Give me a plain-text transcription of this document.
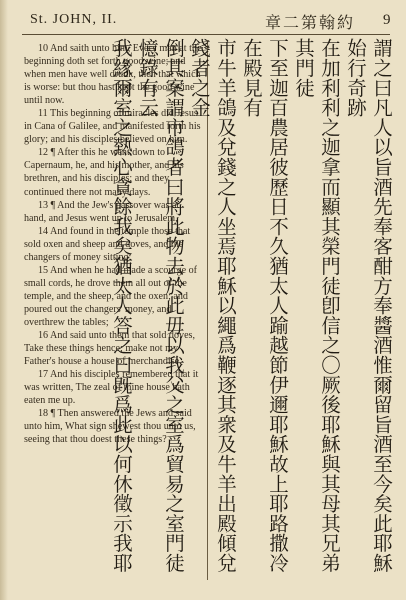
St. JOHN, II.	章二第翰約 9

10 And saith unto him, Every man at the beginning doth set forth good wine; and when men have well drunk, then that which is worse: but thou hast kept the good wine until now.

11 This beginning of miracles did Jesus in Cana of Galilee, and manifested forth his glory; and his disciples believed on him.

12 ¶ After this he went down to Capernaum, he, and his mother, and his brethren, and his disciples; and they continued there not many days.

13 ¶ And the Jew's passover was at hand, and Jesus went up to Jerusalem,

14 And found in the temple those that sold oxen and sheep and doves, and the changers of money sitting:

15 And when he had made a scourge of small cords, he drove them all out of the temple, and the sheep, and the oxen; and poured out the changers' money, and overthrew the tables;

16 And said unto them that sold doves, Take these things hence; make not my Father's house a house of merchandise.

17 And his disciples remembered that it was written, The zeal of thine house hath eaten me up.

18 ¶ Then answered the Jews and said unto him, What sign shewest thou unto us, seeing that thou doest these things?	謂之曰凡人以旨酒先奉客酣方奉醬酒惟爾留旨酒至今矣此耶穌始行奇跡

在加利利之迦拿而顯其榮門徒卽信之〇厥後耶穌與其母其兄弟其門徒

下至迦百農居彼歷日不久猶太人踰越節伊邇耶穌故上耶路撒冷在殿見有

市牛羊鴿及兌錢之人坐焉耶穌以繩爲鞭逐其衆及牛羊出殿傾兌錢者之金

倒其案謂市鴿者曰將此物去於此毋以我父之室爲貿易之室門徒憶錄有云

我緣爾室之熱心貪餘我矣猶太人答之曰旣爲此以何休徵示我耶
